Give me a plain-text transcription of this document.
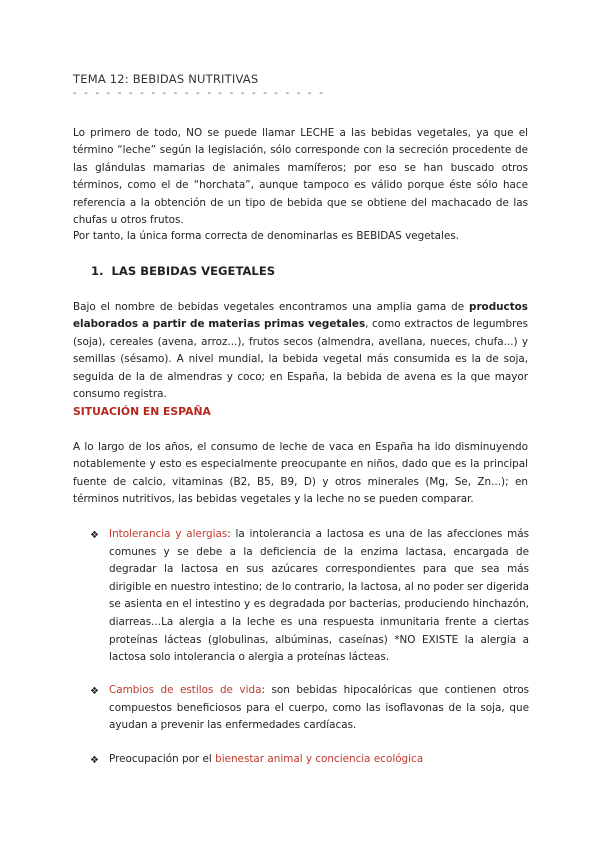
TEMA 12: BEBIDAS NUTRITIVAS
- - - - - - - - - - - - - - - - - - - - - - -

Lo primero de todo, NO se puede llamar LECHE a las bebidas vegetales, ya que el término “leche” según la legislación, sólo corresponde con la secreción procedente de las glándulas mamarias de animales mamíferos; por eso se han buscado otros términos, como el de “horchata”, aunque tampoco es válido porque éste sólo hace referencia a la obtención de un tipo de bebida que se obtiene del machacado de las chufas u otros frutos.

Por tanto, la única forma correcta de denominarlas es BEBIDAS vegetales.

1. LAS BEBIDAS VEGETALES

Bajo el nombre de bebidas vegetales encontramos una amplia gama de productos elaborados a partir de materias primas vegetales, como extractos de legumbres (soja), cereales (avena, arroz...), frutos secos (almendra, avellana, nueces, chufa...) y semillas (sésamo). A nivel mundial, la bebida vegetal más consumida es la de soja, seguida de la de almendras y coco; en España, la bebida de avena es la que mayor consumo registra.

SITUACIÓN EN ESPAÑA

A lo largo de los años, el consumo de leche de vaca en España ha ido disminuyendo notablemente y esto es especialmente preocupante en niños, dado que es la principal fuente de calcio, vitaminas (B2, B5, B9, D) y otros minerales (Mg, Se, Zn...); en términos nutritivos, las bebidas vegetales y la leche no se pueden comparar.

❖ Intolerancia y alergias: la intolerancia a lactosa es una de las afecciones más comunes y se debe a la deficiencia de la enzima lactasa, encargada de degradar la lactosa en sus azúcares correspondientes para que sea más dirigible en nuestro intestino; de lo contrario, la lactosa, al no poder ser digerida se asienta en el intestino y es degradada por bacterias, produciendo hinchazón, diarreas...La alergia a la leche es una respuesta inmunitaria frente a ciertas proteínas lácteas (globulinas, albúminas, caseínas) *NO EXISTE la alergia a lactosa solo intolerancia o alergia a proteínas lácteas.

❖ Cambios de estilos de vida: son bebidas hipocalóricas que contienen otros compuestos beneficiosos para el cuerpo, como las isoflavonas de la soja, que ayudan a prevenir las enfermedades cardíacas.

❖ Preocupación por el bienestar animal y conciencia ecológica
